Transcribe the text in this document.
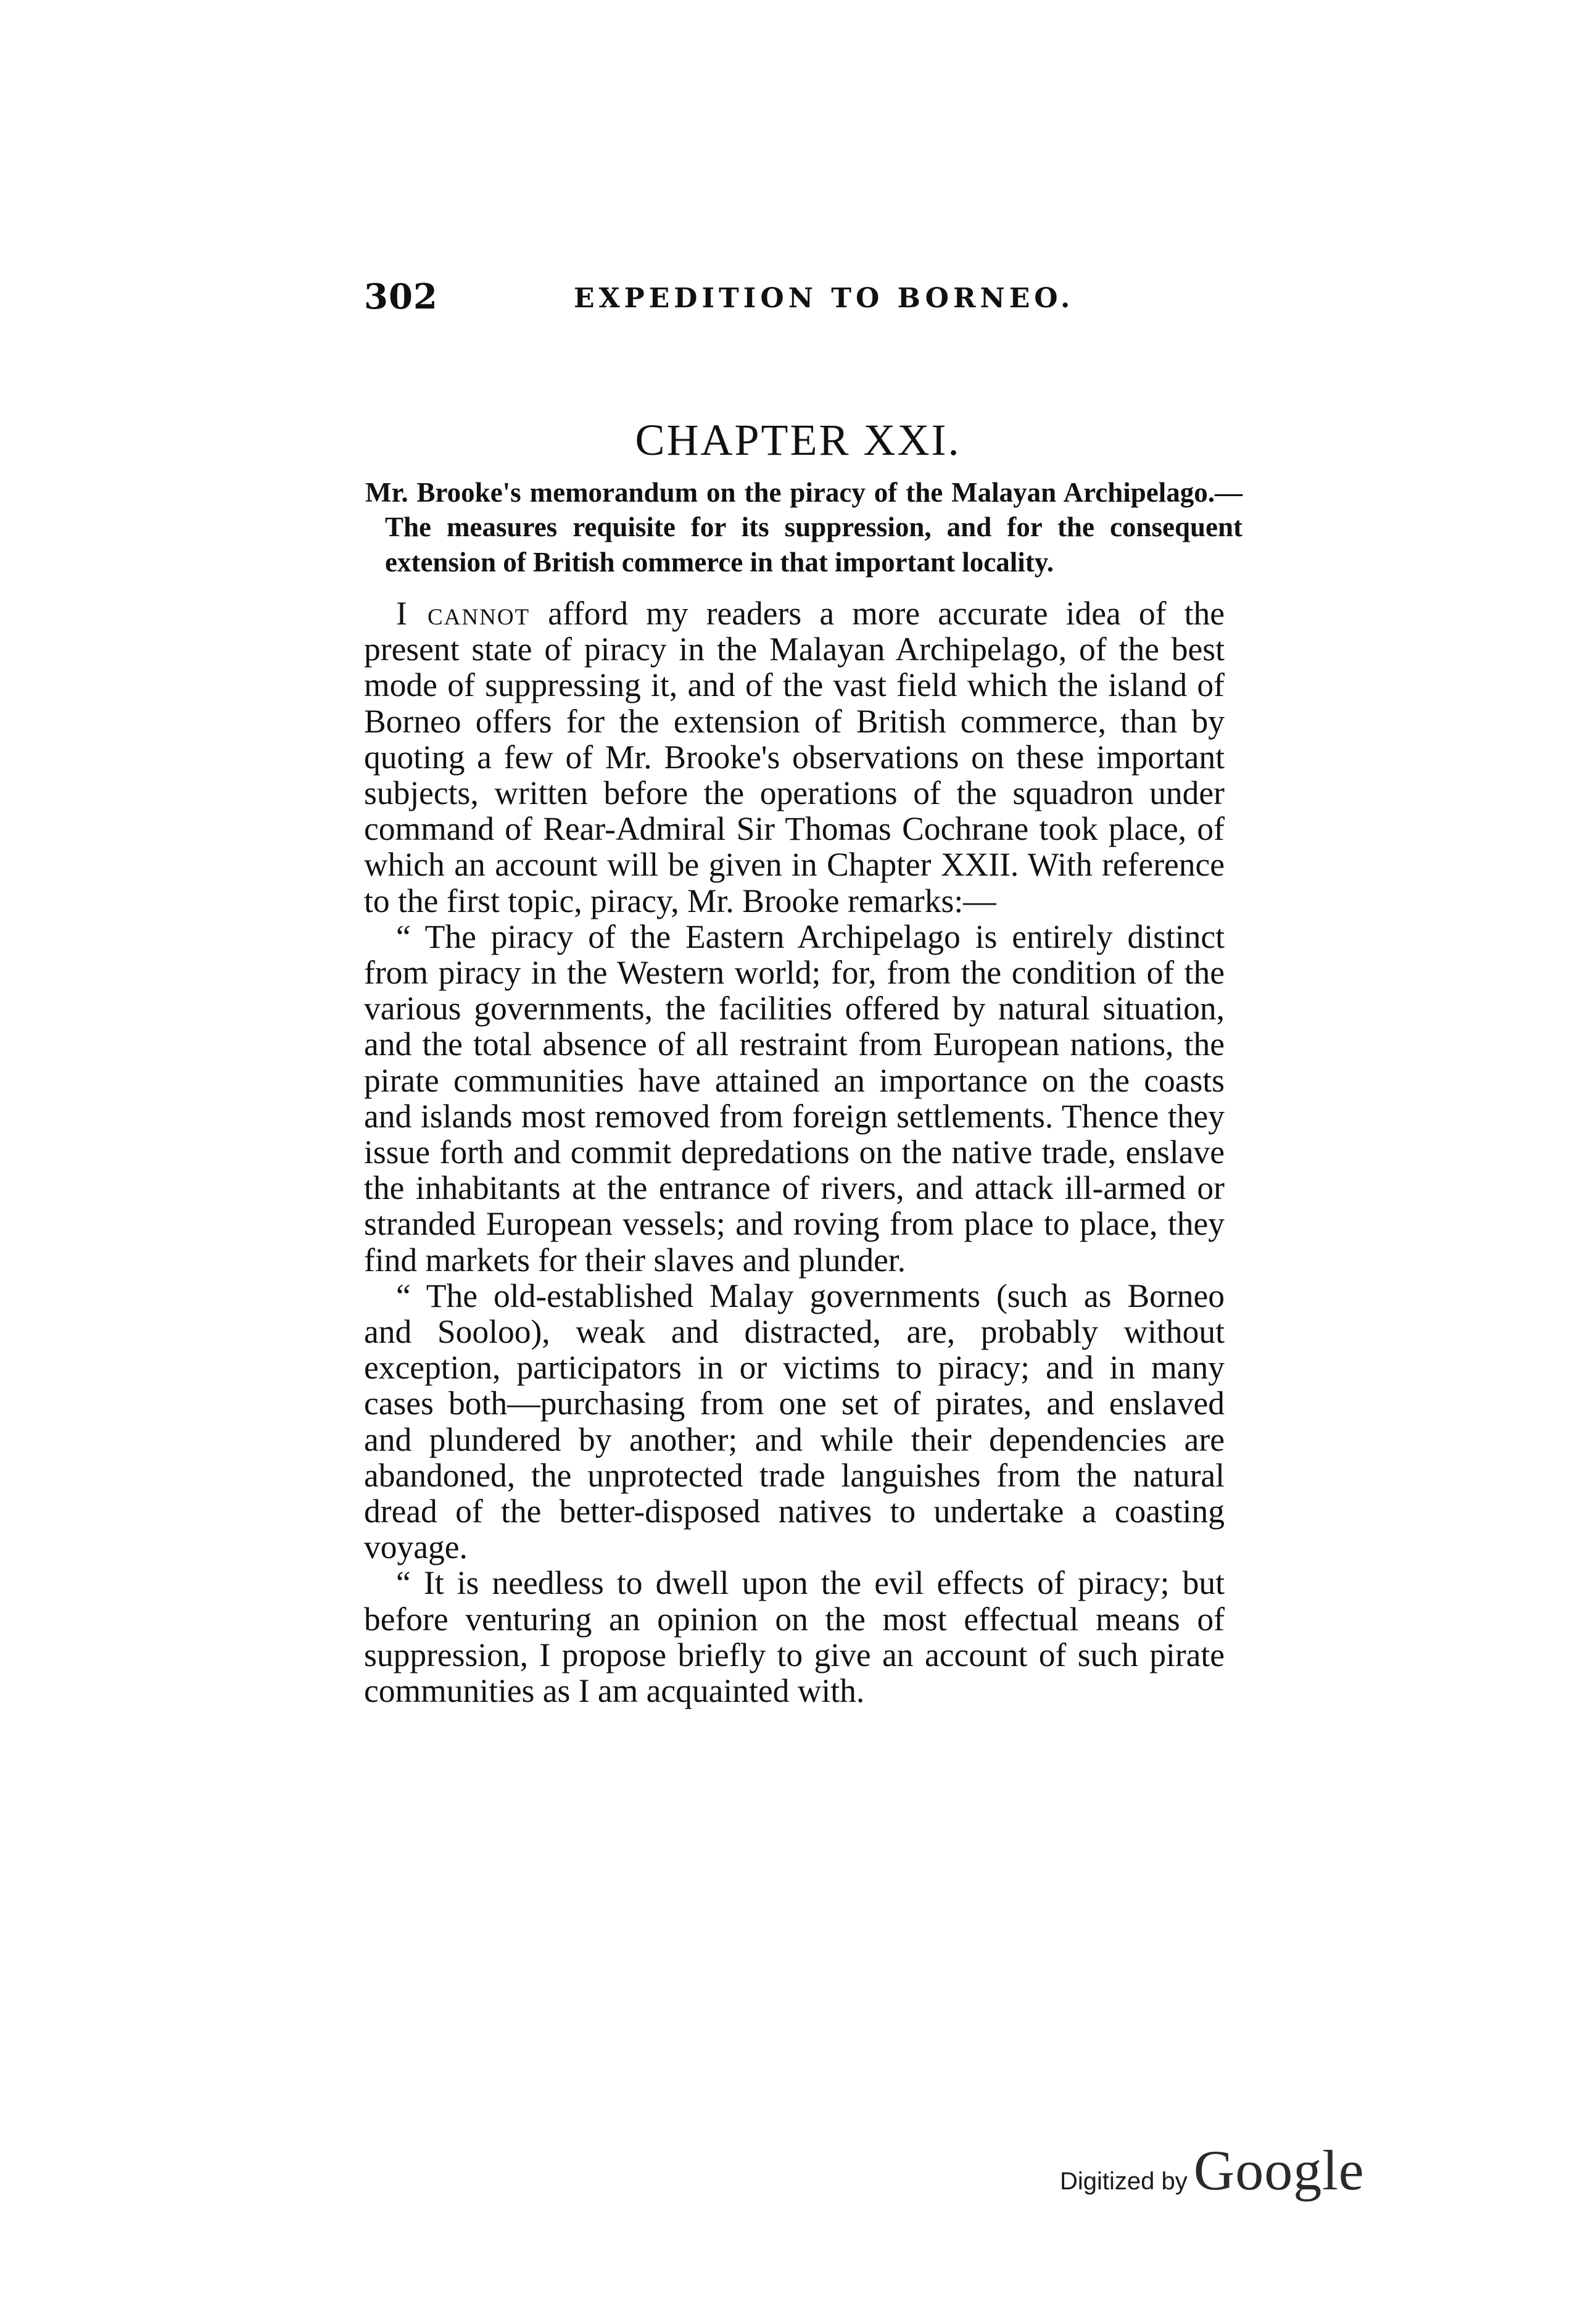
302	EXPEDITION TO BORNEO.
CHAPTER XXI.

Mr. Brooke's memorandum on the piracy of the Malayan Archipelago.—The measures requisite for its suppression, and for the consequent extension of British commerce in that important locality.

I cannot afford my readers a more accurate idea of the present state of piracy in the Malayan Archipelago, of the best mode of suppressing it, and of the vast field which the island of Borneo offers for the extension of British commerce, than by quoting a few of Mr. Brooke's observations on these important subjects, written before the operations of the squadron under command of Rear-Admiral Sir Thomas Cochrane took place, of which an account will be given in Chapter XXII. With reference to the first topic, piracy, Mr. Brooke remarks:—

“ The piracy of the Eastern Archipelago is entirely distinct from piracy in the Western world; for, from the condition of the various governments, the facilities offered by natural situation, and the total absence of all restraint from European nations, the pirate communities have attained an importance on the coasts and islands most removed from foreign settlements. Thence they issue forth and commit depredations on the native trade, enslave the inhabitants at the entrance of rivers, and attack ill-armed or stranded European vessels; and roving from place to place, they find markets for their slaves and plunder.

“ The old-established Malay governments (such as Borneo and Sooloo), weak and distracted, are, probably without exception, participators in or victims to piracy; and in many cases both—purchasing from one set of pirates, and enslaved and plundered by another; and while their dependencies are abandoned, the unprotected trade languishes from the natural dread of the better-disposed natives to undertake a coasting voyage.

“ It is needless to dwell upon the evil effects of piracy; but before venturing an opinion on the most effectual means of suppression, I propose briefly to give an account of such pirate communities as I am acquainted with.

Digitized by Google
